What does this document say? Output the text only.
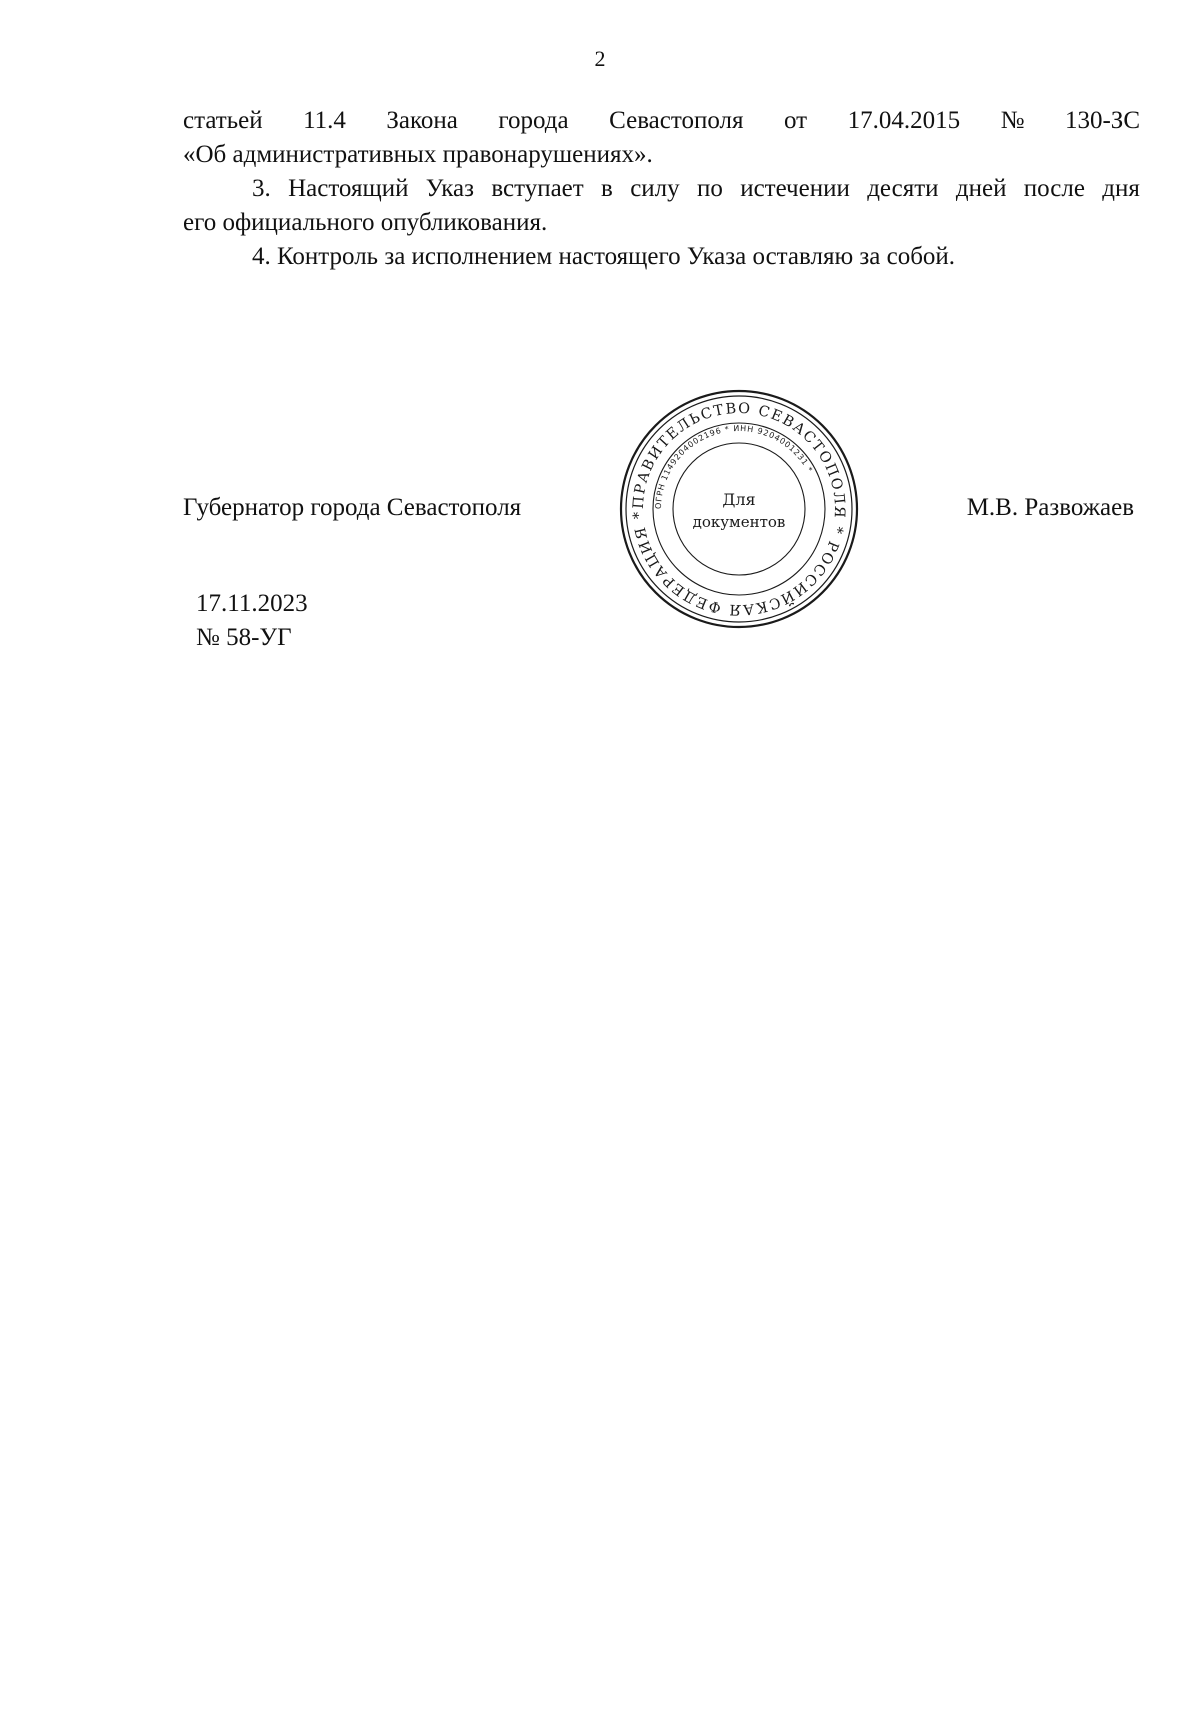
2
статьей 11.4 Закона города Севастополя от 17.04.2015 № 130-ЗС
«Об административных правонарушениях».
3. Настоящий Указ вступает в силу по истечении десяти дней после дня
его официального опубликования.
4. Контроль за исполнением настоящего Указа оставляю за собой.
Губернатор города Севастополя	М.В. Развожаев
ПРАВИТЕЛЬСТВО СЕВАСТОПОЛЯ * РОССИЙСКАЯ ФЕДЕРАЦИЯ *
ОГРН 1149204002196 * ИНН 9204001231 *
Для
документов
17.11.2023
№ 58-УГ
